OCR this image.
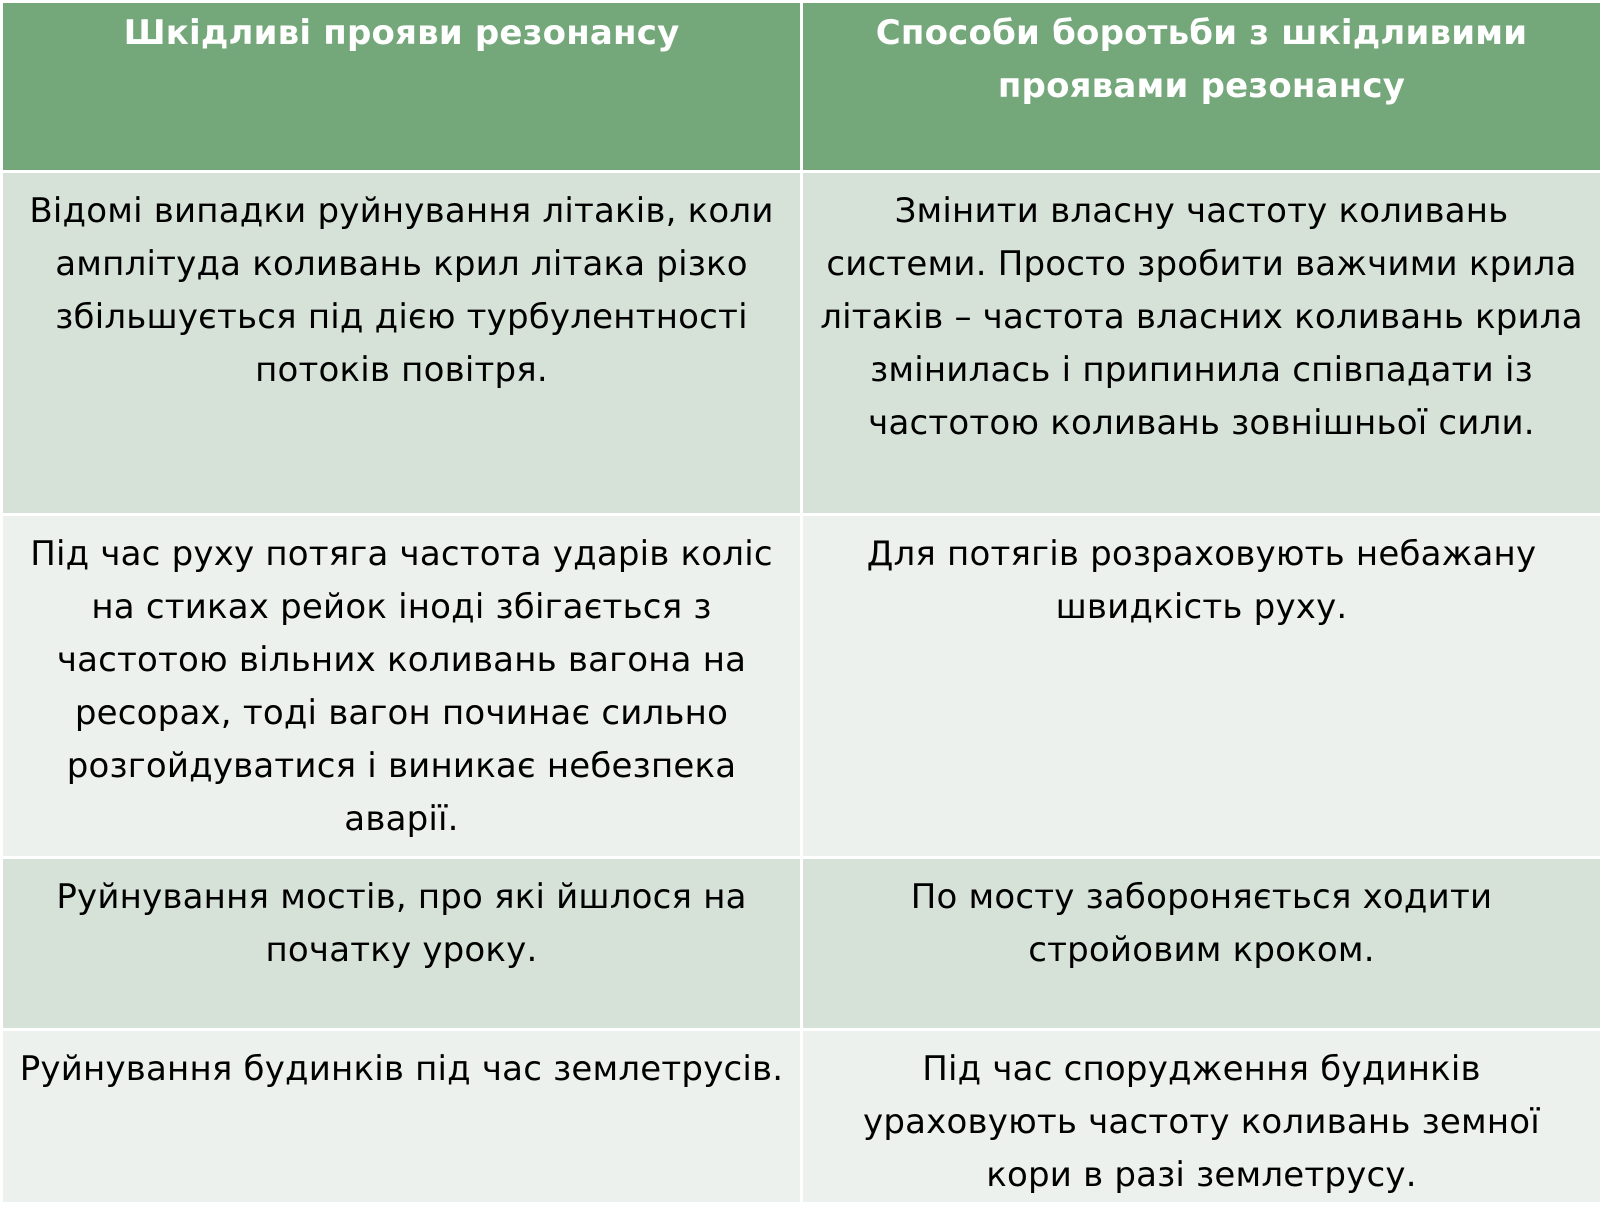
Шкідливі прояви резонансу	Способи боротьби з шкідливими проявами резонансу
Відомі випадки руйнування літаків, коли амплітуда коливань крил літака різко збільшується під дією турбулентності потоків повітря.	Змінити власну частоту коливань системи. Просто зробити важчими крила літаків – частота власних коливань крила змінилась і припинила співпадати із частотою коливань зовнішньої сили.
Під час руху потяга частота ударів коліс на стиках рейок іноді збігається з частотою вільних коливань вагона на ресорах, тоді вагон починає сильно розгойдуватися і виникає небезпека аварії.	Для потягів розраховують небажану швидкість руху.
Руйнування мостів, про які йшлося на початку уроку.	По мосту забороняється ходити стройовим кроком.
Руйнування будинків під час землетрусів.	Під час спорудження будинків ураховують частоту коливань земної кори в разі землетрусу.
